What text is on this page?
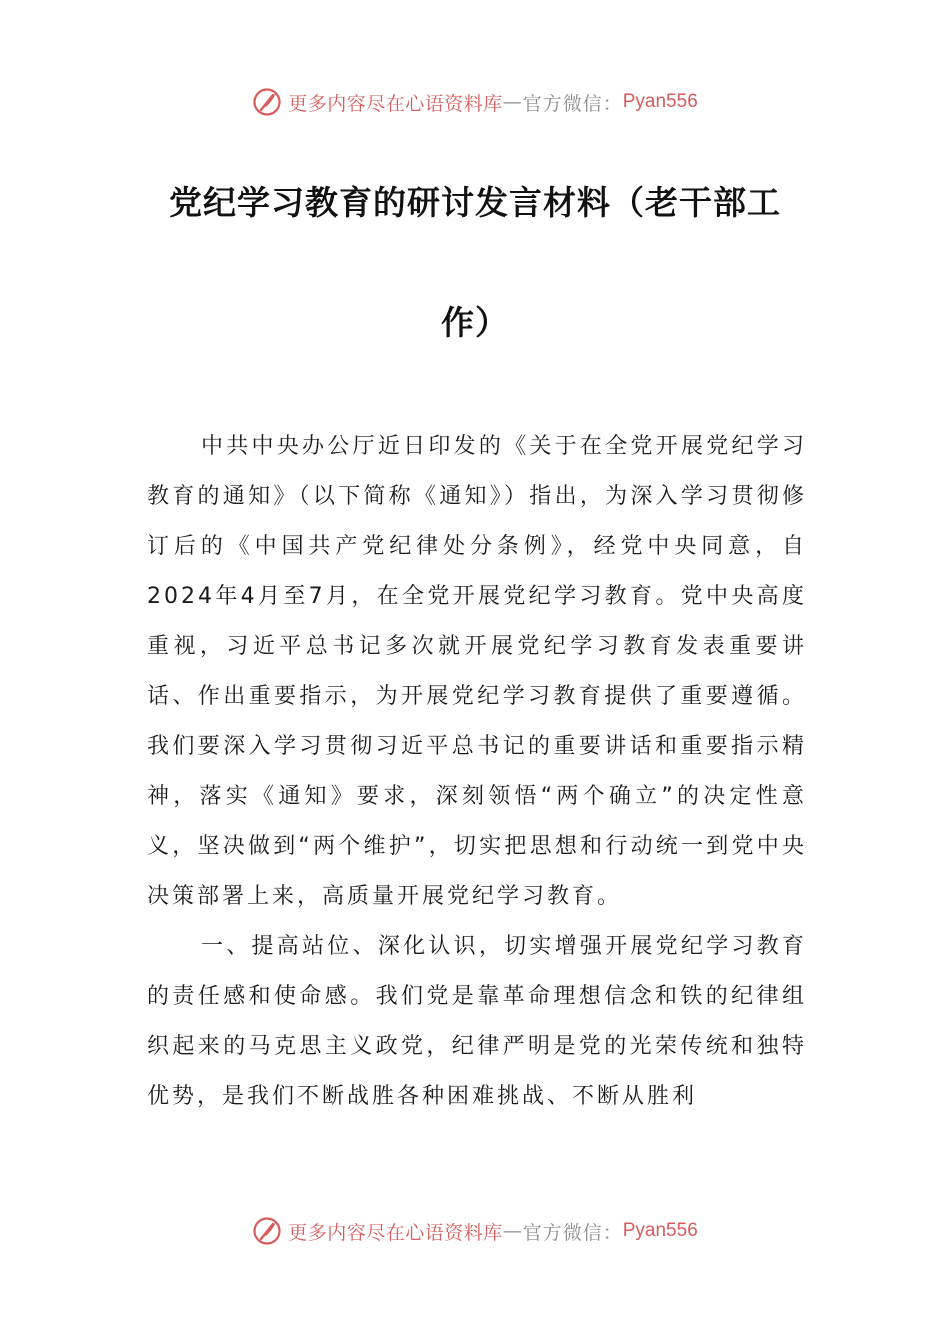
更多内容尽在心语资料库 — 官方微信： Pyan556
党纪学习教育的研讨发言材料（老干部工
作）

中共中央办公厅近日印发的《关于在全党开展党纪学习教育的通知》（以下简称《通知》）指出，为深入学习贯彻修订后的《中国共产党纪律处分条例》，经党中央同意，自2024年4月至7月，在全党开展党纪学习教育。党中央高度重视，习近平总书记多次就开展党纪学习教育发表重要讲话、作出重要指示，为开展党纪学习教育提供了重要遵循。我们要深入学习贯彻习近平总书记的重要讲话和重要指示精神，落实《通知》要求，深刻领悟“两个确立”的决定性意义，坚决做到“两个维护”，切实把思想和行动统一到党中央决策部署上来，高质量开展党纪学习教育。

一、提高站位、深化认识，切实增强开展党纪学习教育的责任感和使命感。我们党是靠革命理想信念和铁的纪律组织起来的马克思主义政党，纪律严明是党的光荣传统和独特优势，是我们不断战胜各种困难挑战、不断从胜利

更多内容尽在心语资料库 — 官方微信： Pyan556
